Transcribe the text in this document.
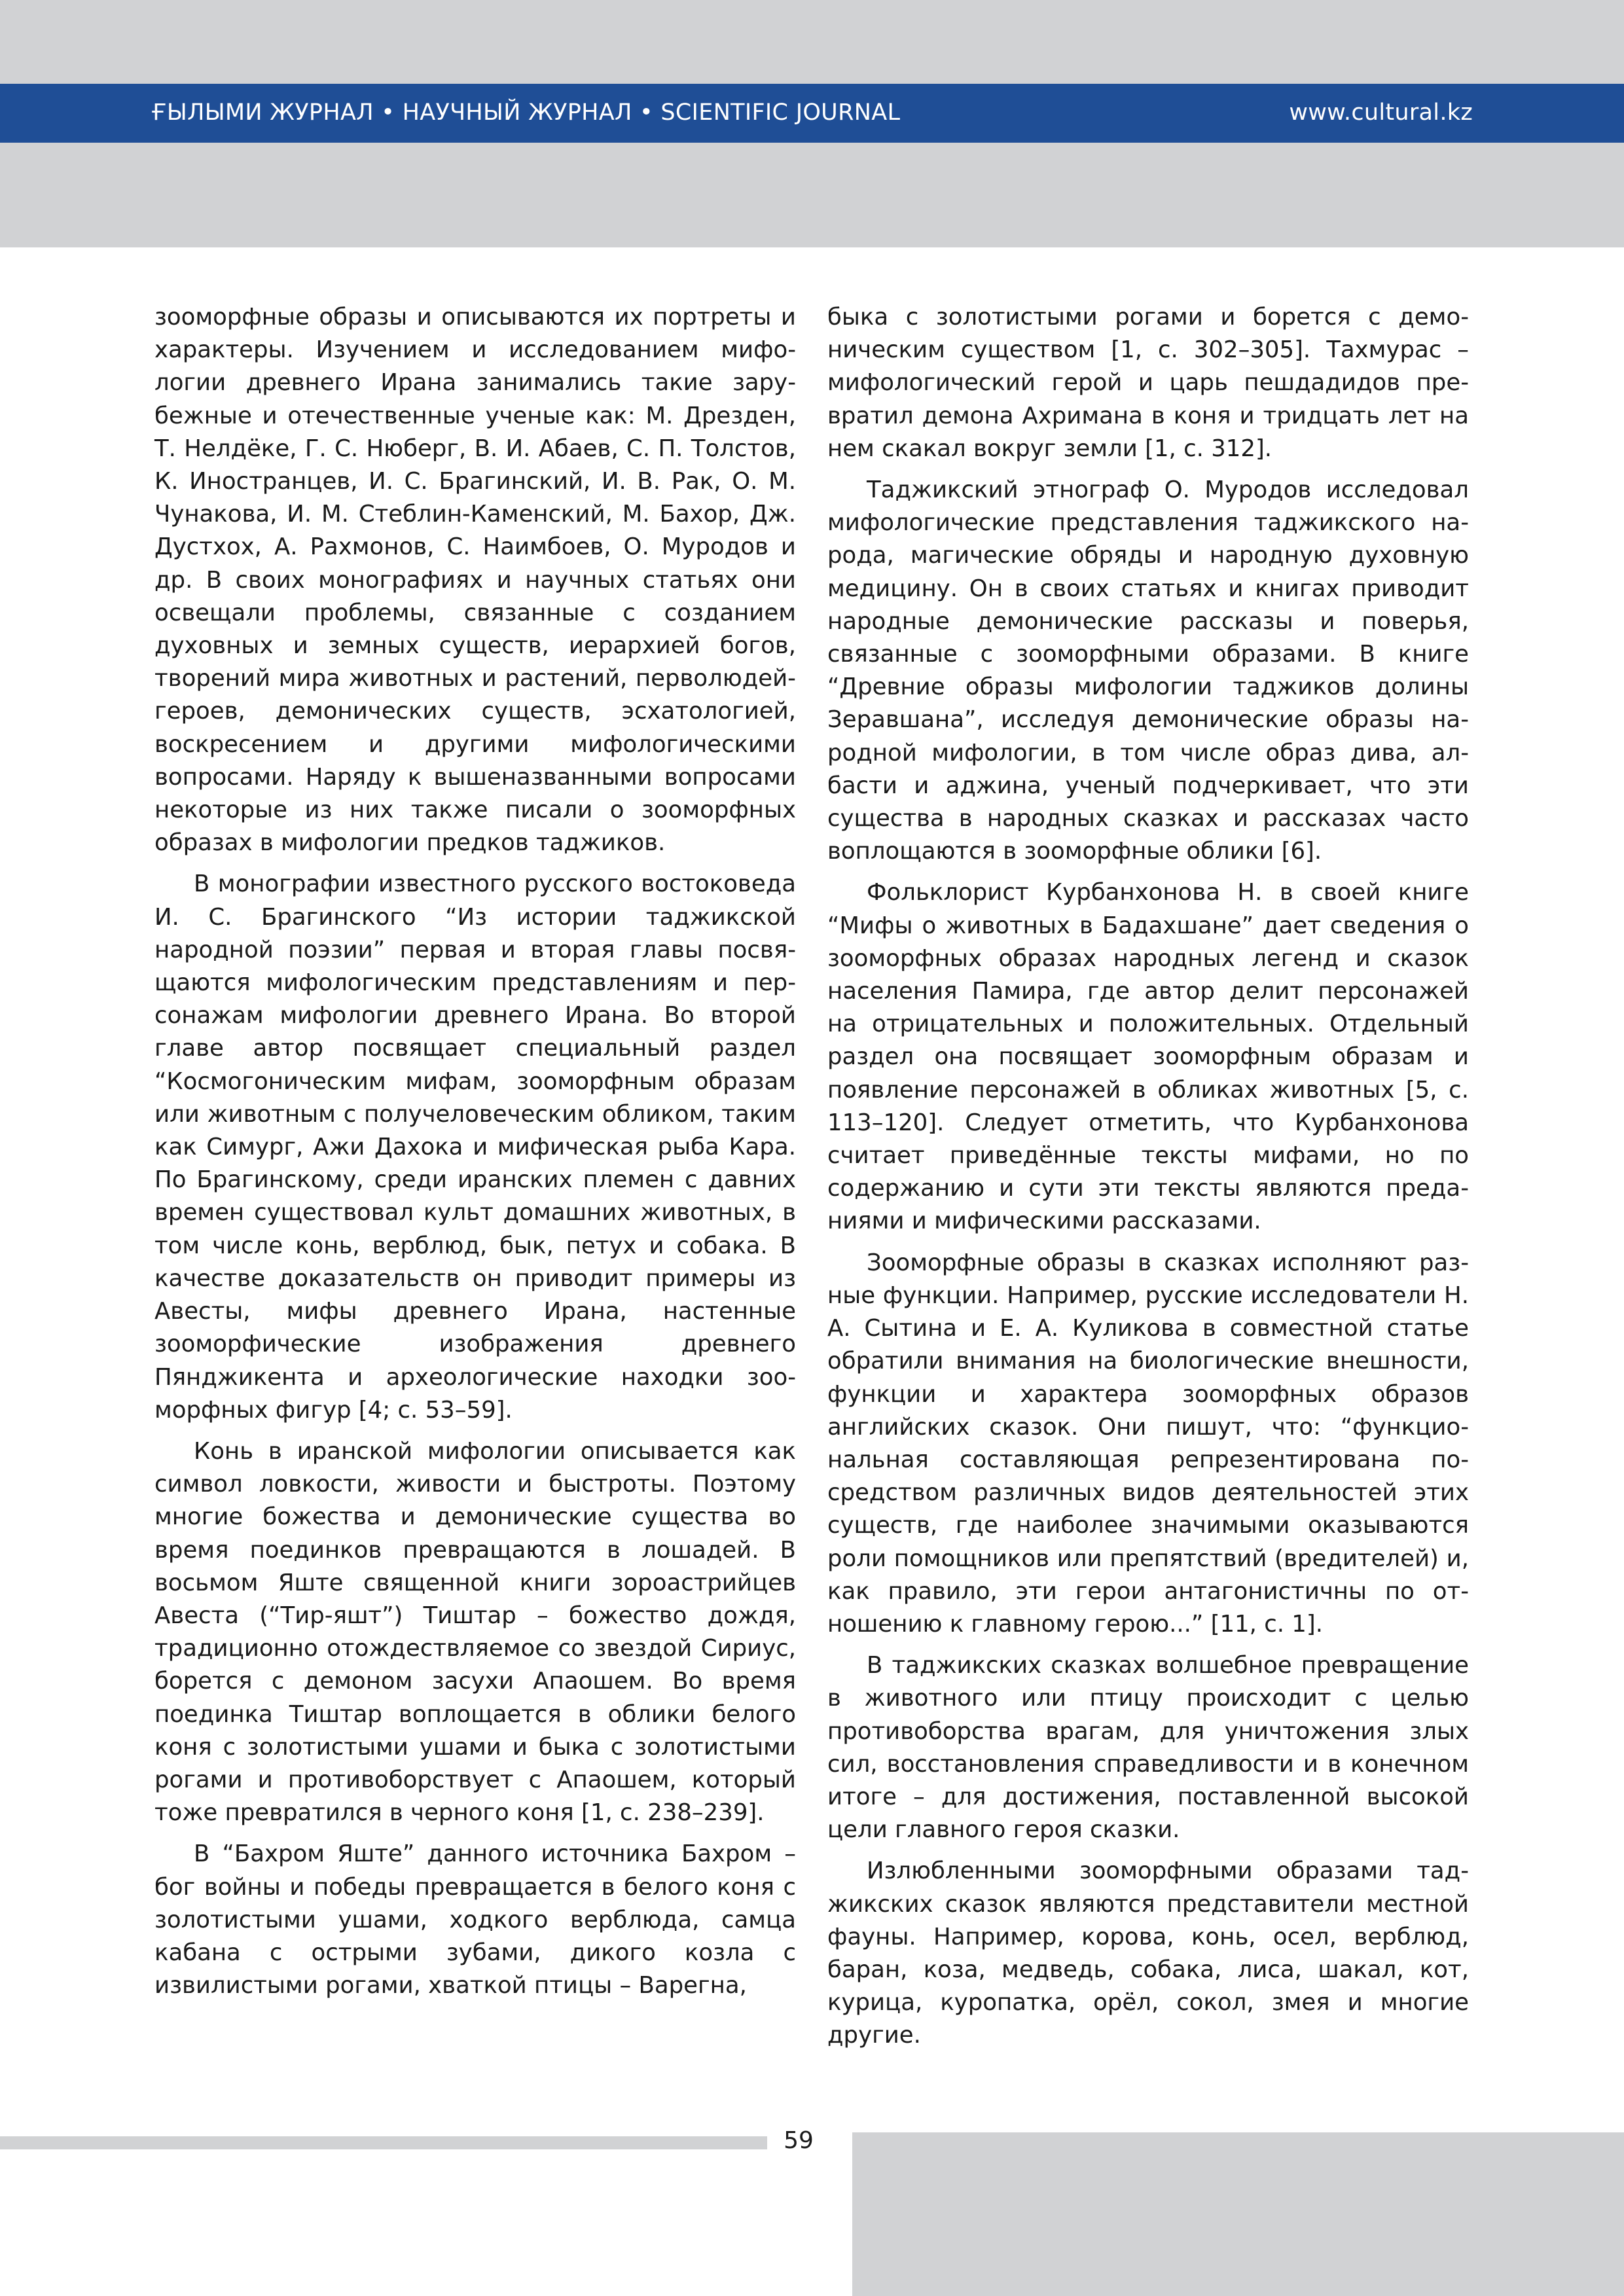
ҒЫЛЫМИ ЖУРНАЛ • НАУЧНЫЙ ЖУРНАЛ • SCIENTIFIC JOURNAL	www.cultural.kz

зооморфные образы и описываются их портреты и характеры. Изучением и исследованием мифологии древнего Ирана занимались такие зарубежные и отечественные ученые как: М. Дрезден, Т. Нелдёке, Г. С. Нюберг, В. И. Абаев, С. П. Толстов, К. Иностранцев, И. С. Брагинский, И. В. Рак, О. М. Чунакова, И. М. Стеблин-Каменский, М. Бахор, Дж. Дустхох, А. Рахмонов, С. Наимбоев, О. Муродов и др. В своих монографиях и научных статьях они освещали проблемы, связанные с созданием духовных и земных существ, иерархией богов, творений мира животных и растений, перволюдей-героев, демонических существ, эсхатологией, воскресением и другими мифологическими вопросами. Наряду к вышеназванными вопросами некоторые из них также писали о зооморфных образах в мифологии предков таджиков.

В монографии известного русского востоковеда И. С. Брагинского “Из истории таджикской народной поэзии” первая и вторая главы посвящаются мифологическим представлениям и персонажам мифологии древнего Ирана. Во второй главе автор посвящает специальный раздел “Космогоническим мифам, зооморфным образам или животным с получеловеческим обликом, таким как Симург, Ажи Дахока и мифическая рыба Кара. По Брагинскому, среди иранских племен с давних времен существовал культ домашних животных, в том числе конь, верблюд, бык, петух и собака. В качестве доказательств он приводит примеры из Авесты, мифы древнего Ирана, настенные зооморфические изображения древнего Пянджикента и археологические находки зооморфных фигур [4; с. 53–59].

Конь в иранской мифологии описывается как символ ловкости, живости и быстроты. Поэтому многие божества и демонические существа во время поединков превращаются в лошадей. В восьмом Яште священной книги зороастрийцев Авеста (“Тир-яшт”) Тиштар – божество дождя, традиционно отождествляемое со звездой Сириус, борется с демоном засухи Апаошем. Во время поединка Тиштар воплощается в облики белого коня с золотистыми ушами и быка с золотистыми рогами и противоборствует с Апаошем, который тоже превратился в черного коня [1, с. 238–239].

В “Бахром Яште” данного источника Бахром – бог войны и победы превращается в белого коня с золотистыми ушами, ходкого верблюда, самца кабана с острыми зубами, дикого козла с извилистыми рогами, хваткой птицы – Варегна,

быка с золотистыми рогами и борется с демоническим существом [1, с. 302–305]. Тахмурас – мифологический герой и царь пешдадидов превратил демона Ахримана в коня и тридцать лет на нем скакал вокруг земли [1, с. 312].

Таджикский этнограф О. Муродов исследовал мифологические представления таджикского народа, магические обряды и народную духовную медицину. Он в своих статьях и книгах приводит народные демонические рассказы и поверья, связанные с зооморфными образами. В книге “Древние образы мифологии таджиков долины Зеравшана”, исследуя демонические образы народной мифологии, в том числе образ дива, албасти и аджина, ученый подчеркивает, что эти существа в народных сказках и рассказах часто воплощаются в зооморфные облики [6].

Фольклорист Курбанхонова Н. в своей книге “Мифы о животных в Бадахшане” дает сведения о зооморфных образах народных легенд и сказок населения Памира, где автор делит персонажей на отрицательных и положительных. Отдельный раздел она посвящает зооморфным образам и появление персонажей в обликах животных [5, с. 113–120]. Следует отметить, что Курбанхонова считает приведённые тексты мифами, но по содержанию и сути эти тексты являются преданиями и мифическими рассказами.

Зооморфные образы в сказках исполняют разные функции. Например, русские исследователи Н. А. Сытина и Е. А. Куликова в совместной статье обратили внимания на биологические внешности, функции и характера зооморфных образов английских сказок. Они пишут, что: “функциональная составляющая репрезентирована посредством различных видов деятельностей этих существ, где наиболее значимыми оказываются роли помощников или препятствий (вредителей) и, как правило, эти герои антагонистичны по отношению к главному герою...” [11, с. 1].

В таджикских сказках волшебное превращение в животного или птицу происходит с целью противоборства врагам, для уничтожения злых сил, восстановления справедливости и в конечном итоге – для достижения, поставленной высокой цели главного героя сказки.

Излюбленными зооморфными образами таджикских сказок являются представители местной фауны. Например, корова, конь, осел, верблюд, баран, коза, медведь, собака, лиса, шакал, кот, курица, куропатка, орёл, сокол, змея и многие другие.

59
